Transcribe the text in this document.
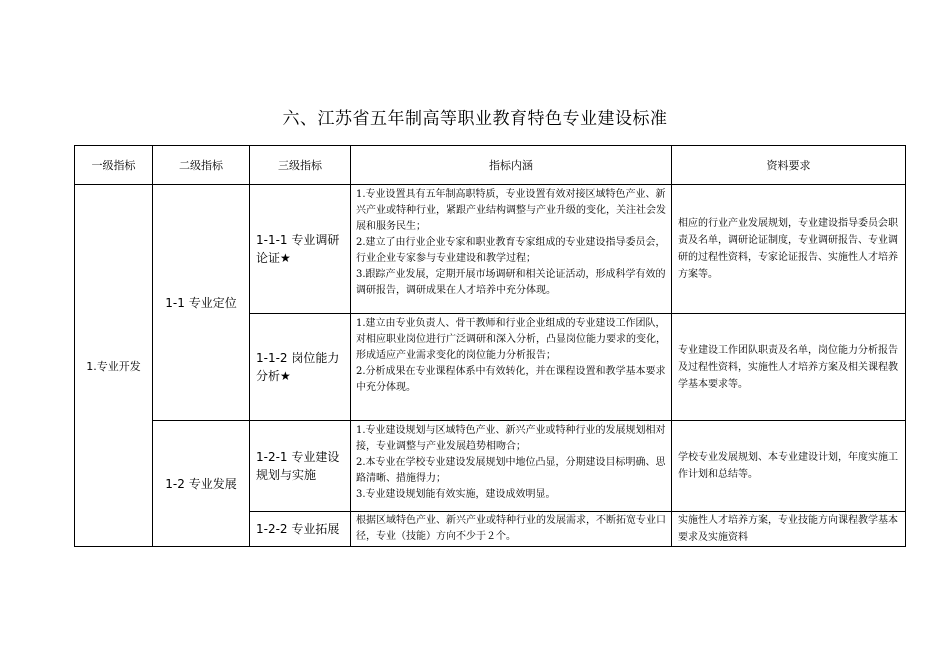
六、江苏省五年制高等职业教育特色专业建设标准
一级指标	二级指标	三级指标	指标内涵	资料要求
1.专业开发	1-1 专业定位	1-1-1 专业调研论证★	1.专业设置具有五年制高职特质，专业设置有效对接区域特色产业、新兴产业或特种行业，紧跟产业结构调整与产业升级的变化，关注社会发展和服务民生；

2.建立了由行业企业专家和职业教育专家组成的专业建设指导委员会，行业企业专家参与专业建设和教学过程；

3.跟踪产业发展，定期开展市场调研和相关论证活动，形成科学有效的调研报告，调研成果在人才培养中充分体现。	相应的行业产业发展规划，专业建设指导委员会职责及名单，调研论证制度，专业调研报告、专业调研的过程性资料，专家论证报告、实施性人才培养方案等。

		1-1-2 岗位能力分析★	1.建立由专业负责人、骨干教师和行业企业组成的专业建设工作团队，对相应职业岗位进行广泛调研和深入分析，凸显岗位能力要求的变化，形成适应产业需求变化的岗位能力分析报告；

2.分析成果在专业课程体系中有效转化，并在课程设置和教学基本要求中充分体现。	专业建设工作团队职责及名单，岗位能力分析报告及过程性资料，实施性人才培养方案及相关课程教学基本要求等。

	1-2 专业发展	1-2-1 专业建设规划与实施	1.专业建设规划与区域特色产业、新兴产业或特种行业的发展规划相对接，专业调整与产业发展趋势相吻合；

2.本专业在学校专业建设发展规划中地位凸显，分期建设目标明确、思路清晰、措施得力；

3.专业建设规划能有效实施，建设成效明显。	学校专业发展规划、本专业建设计划，年度实施工作计划和总结等。

		1-2-2 专业拓展	根据区域特色产业、新兴产业或特种行业的发展需求，不断拓宽专业口径，专业（技能）方向不少于２个。	实施性人才培养方案，专业技能方向课程教学基本要求及实施资料
